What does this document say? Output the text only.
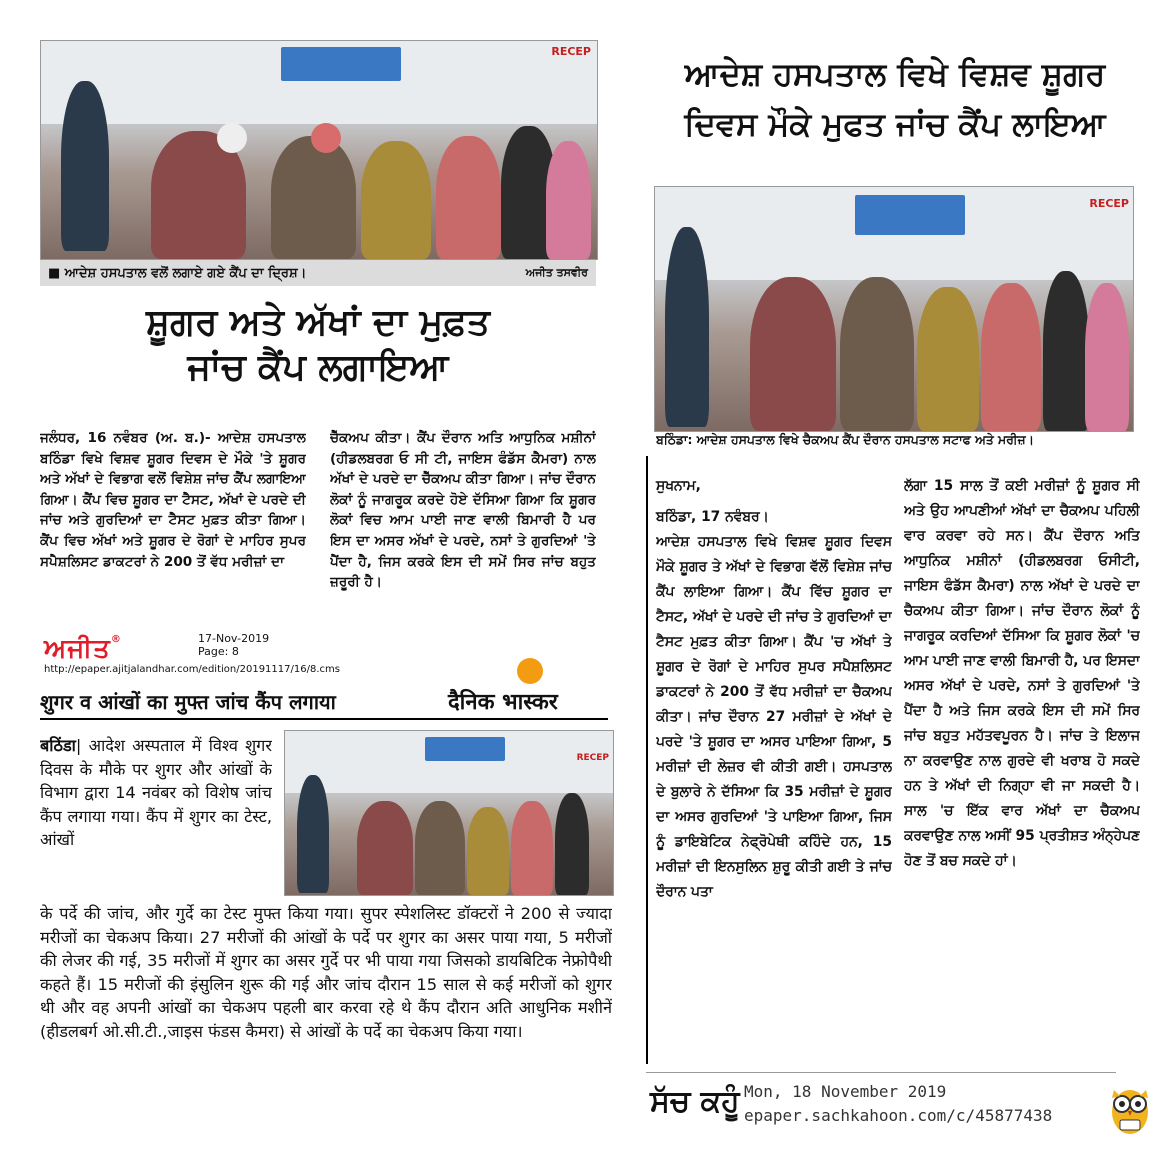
RECEP
■ ਆਦੇਸ਼ ਹਸਪਤਾਲ ਵਲੋਂ ਲਗਾਏ ਗਏ ਕੈਂਪ ਦਾ ਦ੍ਰਿਸ਼।	ਅਜੀਤ ਤਸਵੀਰ
ਸ਼ੂਗਰ ਅਤੇ ਅੱਖਾਂ ਦਾ ਮੁਫ਼ਤ
ਜਾਂਚ ਕੈਂਪ ਲਗਾਇਆ
ਜਲੰਧਰ, 16 ਨਵੰਬਰ (ਅ. ਬ.)- ਆਦੇਸ਼ ਹਸਪਤਾਲ ਬਠਿੰਡਾ ਵਿਖੇ ਵਿਸ਼ਵ ਸ਼ੂਗਰ ਦਿਵਸ ਦੇ ਮੌਕੇ 'ਤੇ ਸ਼ੂਗਰ ਅਤੇ ਅੱਖਾਂ ਦੇ ਵਿਭਾਗ ਵਲੋਂ ਵਿਸ਼ੇਸ਼ ਜਾਂਚ ਕੈਂਪ ਲਗਾਇਆ ਗਿਆ। ਕੈਂਪ ਵਿਚ ਸ਼ੂਗਰ ਦਾ ਟੈਸਟ, ਅੱਖਾਂ ਦੇ ਪਰਦੇ ਦੀ ਜਾਂਚ ਅਤੇ ਗੁਰਦਿਆਂ ਦਾ ਟੈਸਟ ਮੁਫ਼ਤ ਕੀਤਾ ਗਿਆ। ਕੈਂਪ ਵਿਚ ਅੱਖਾਂ ਅਤੇ ਸ਼ੂਗਰ ਦੇ ਰੋਗਾਂ ਦੇ ਮਾਹਿਰ ਸੁਪਰ ਸਪੈਸ਼ਲਿਸਟ ਡਾਕਟਰਾਂ ਨੇ 200 ਤੋਂ ਵੱਧ ਮਰੀਜ਼ਾਂ ਦਾ
ਚੈੱਕਅਪ ਕੀਤਾ। ਕੈਂਪ ਦੌਰਾਨ ਅਤਿ ਆਧੁਨਿਕ ਮਸ਼ੀਨਾਂ (ਹੀਡਲਬਰਗ ਓ ਸੀ ਟੀ, ਜਾਇਸ ਫੰਡੱਸ ਕੈਮਰਾ) ਨਾਲ ਅੱਖਾਂ ਦੇ ਪਰਦੇ ਦਾ ਚੈੱਕਅਪ ਕੀਤਾ ਗਿਆ। ਜਾਂਚ ਦੌਰਾਨ ਲੋਕਾਂ ਨੂੰ ਜਾਗਰੂਕ ਕਰਦੇ ਹੋਏ ਦੱਸਿਆ ਗਿਆ ਕਿ ਸ਼ੂਗਰ ਲੋਕਾਂ ਵਿਚ ਆਮ ਪਾਈ ਜਾਣ ਵਾਲੀ ਬਿਮਾਰੀ ਹੈ ਪਰ ਇਸ ਦਾ ਅਸਰ ਅੱਖਾਂ ਦੇ ਪਰਦੇ, ਨਸਾਂ ਤੇ ਗੁਰਦਿਆਂ 'ਤੇ ਪੈਂਦਾ ਹੈ, ਜਿਸ ਕਰਕੇ ਇਸ ਦੀ ਸਮੇਂ ਸਿਰ ਜਾਂਚ ਬਹੁਤ ਜ਼ਰੂਰੀ ਹੈ।
ਅਜੀਤ®	17-Nov-2019
Page: 8
http://epaper.ajitjalandhar.com/edition/20191117/16/8.cms
शुगर व आंखों का मुफ्त जांच कैंप लगाया	दैनिक भास्कर
बठिंडा| आदेश अस्पताल में विश्व शुगर दिवस के मौके पर शुगर और आंखों के विभाग द्वारा 14 नवंबर को विशेष जांच कैंप लगाया गया। कैंप में शुगर का टेस्ट, आंखों
RECEP
के पर्दे की जांच, और गुर्दे का टेस्ट मुफ्त किया गया। सुपर स्पेशलिस्ट डॉक्टरों ने 200 से ज्यादा मरीजों का चेकअप किया। 27 मरीजों की आंखों के पर्दे पर शुगर का असर पाया गया, 5 मरीजों की लेजर की गई, 35 मरीजों में शुगर का असर गुर्दे पर भी पाया गया जिसको डायबिटिक नेफ्रोपैथी कहते हैं। 15 मरीजों की इंसुलिन शुरू की गई और जांच दौरान 15 साल से कई मरीजों को शुगर थी और वह अपनी आंखों का चेकअप पहली बार करवा रहे थे कैंप दौरान अति आधुनिक मशीनें (हीडलबर्ग ओ.सी.टी.,जाइस फंडस कैमरा) से आंखों के पर्दे का चेकअप किया गया।
ਆਦੇਸ਼ ਹਸਪਤਾਲ ਵਿਖੇ ਵਿਸ਼ਵ ਸ਼ੂਗਰ
ਦਿਵਸ ਮੌਕੇ ਮੁਫਤ ਜਾਂਚ ਕੈਂਪ ਲਾਇਆ
RECEP
ਬਠਿੰਡਾ: ਆਦੇਸ਼ ਹਸਪਤਾਲ ਵਿਖੇ ਚੈਕਅਪ ਕੈਂਪ ਦੌਰਾਨ ਹਸਪਤਾਲ ਸਟਾਫ ਅਤੇ ਮਰੀਜ਼।
ਸੁਖਨਾਮ,
ਬਠਿੰਡਾ, 17 ਨਵੰਬਰ।
ਆਦੇਸ਼ ਹਸਪਤਾਲ ਵਿਖੇ ਵਿਸ਼ਵ ਸ਼ੂਗਰ ਦਿਵਸ ਮੌਕੇ ਸ਼ੂਗਰ ਤੇ ਅੱਖਾਂ ਦੇ ਵਿਭਾਗ ਵੱਲੋਂ ਵਿਸ਼ੇਸ਼ ਜਾਂਚ ਕੈਂਪ ਲਾਇਆ ਗਿਆ। ਕੈਂਪ ਵਿੱਚ ਸ਼ੂਗਰ ਦਾ ਟੈਸਟ, ਅੱਖਾਂ ਦੇ ਪਰਦੇ ਦੀ ਜਾਂਚ ਤੇ ਗੁਰਦਿਆਂ ਦਾ ਟੈਸਟ ਮੁਫ਼ਤ ਕੀਤਾ ਗਿਆ। ਕੈਂਪ 'ਚ ਅੱਖਾਂ ਤੇ ਸ਼ੂਗਰ ਦੇ ਰੋਗਾਂ ਦੇ ਮਾਹਿਰ ਸੁਪਰ ਸਪੈਸ਼ਲਿਸਟ ਡਾਕਟਰਾਂ ਨੇ 200 ਤੋਂ ਵੱਧ ਮਰੀਜ਼ਾਂ ਦਾ ਚੈਕਅਪ ਕੀਤਾ। ਜਾਂਚ ਦੌਰਾਨ 27 ਮਰੀਜ਼ਾਂ ਦੇ ਅੱਖਾਂ ਦੇ ਪਰਦੇ 'ਤੇ ਸ਼ੂਗਰ ਦਾ ਅਸਰ ਪਾਇਆ ਗਿਆ, 5 ਮਰੀਜ਼ਾਂ ਦੀ ਲੇਜ਼ਰ ਵੀ ਕੀਤੀ ਗਈ। ਹਸਪਤਾਲ ਦੇ ਬੁਲਾਰੇ ਨੇ ਦੱਸਿਆ ਕਿ 35 ਮਰੀਜ਼ਾਂ ਦੇ ਸ਼ੂਗਰ ਦਾ ਅਸਰ ਗੁਰਦਿਆਂ 'ਤੇ ਪਾਇਆ ਗਿਆ, ਜਿਸ ਨੂੰ ਡਾਇਬੇਟਿਕ ਨੇਫ੍ਰੋਪੇਥੀ ਕਹਿੰਦੇ ਹਨ, 15 ਮਰੀਜ਼ਾਂ ਦੀ ਇਨਸੁਲਿਨ ਸ਼ੁਰੂ ਕੀਤੀ ਗਈ ਤੇ ਜਾਂਚ ਦੌਰਾਨ ਪਤਾ
ਲੱਗਾ 15 ਸਾਲ ਤੋਂ ਕਈ ਮਰੀਜ਼ਾਂ ਨੂੰ ਸ਼ੂਗਰ ਸੀ ਅਤੇ ਉਹ ਆਪਣੀਆਂ ਅੱਖਾਂ ਦਾ ਚੈਕਅਪ ਪਹਿਲੀ ਵਾਰ ਕਰਵਾ ਰਹੇ ਸਨ। ਕੈਂਪ ਦੌਰਾਨ ਅਤਿ ਆਧੁਨਿਕ ਮਸ਼ੀਨਾਂ (ਹੀਡਲਬਰਗ ਓਸੀਟੀ, ਜਾਇਸ ਫੰਡੱਸ ਕੈਮਰਾ) ਨਾਲ ਅੱਖਾਂ ਦੇ ਪਰਦੇ ਦਾ ਚੈਕਅਪ ਕੀਤਾ ਗਿਆ। ਜਾਂਚ ਦੌਰਾਨ ਲੋਕਾਂ ਨੂੰ ਜਾਗਰੂਕ ਕਰਦਿਆਂ ਦੱਸਿਆ ਕਿ ਸ਼ੂਗਰ ਲੋਕਾਂ 'ਚ ਆਮ ਪਾਈ ਜਾਣ ਵਾਲੀ ਬਿਮਾਰੀ ਹੈ, ਪਰ ਇਸਦਾ ਅਸਰ ਅੱਖਾਂ ਦੇ ਪਰਦੇ, ਨਸਾਂ ਤੇ ਗੁਰਦਿਆਂ 'ਤੇ ਪੈਂਦਾ ਹੈ ਅਤੇ ਜਿਸ ਕਰਕੇ ਇਸ ਦੀ ਸਮੇਂ ਸਿਰ ਜਾਂਚ ਬਹੁਤ ਮਹੱਤਵਪੂਰਨ ਹੈ। ਜਾਂਚ ਤੇ ਇਲਾਜ ਨਾ ਕਰਵਾਉਣ ਨਾਲ ਗੁਰਦੇ ਵੀ ਖਰਾਬ ਹੋ ਸਕਦੇ ਹਨ ਤੇ ਅੱਖਾਂ ਦੀ ਨਿਗ੍ਹਾ ਵੀ ਜਾ ਸਕਦੀ ਹੈ। ਸਾਲ 'ਚ ਇੱਕ ਵਾਰ ਅੱਖਾਂ ਦਾ ਚੈਕਅਪ ਕਰਵਾਉਣ ਨਾਲ ਅਸੀਂ 95 ਪ੍ਰਤੀਸ਼ਤ ਅੰਨ੍ਹੇਪਣ ਹੋਣ ਤੋਂ ਬਚ ਸਕਦੇ ਹਾਂ।
ਸੱਚ ਕਹੂੰ Mon, 18 November 2019
epaper.sachkahoon.com/c/45877438
